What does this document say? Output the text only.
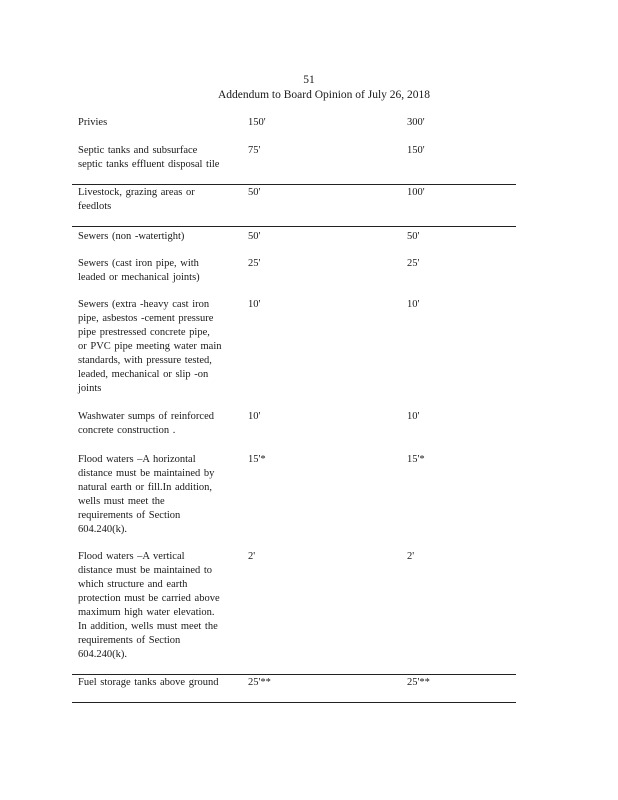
51
Addendum to Board Opinion of July 26, 2018
Privies	150'	300'
Septic tanks and subsurface
septic tanks effluent disposal tile
75'	150'
Livestock, grazing areas or
feedlots
50'	100'
Sewers (non -watertight)	50'	50'
Sewers (cast iron pipe, with
leaded or mechanical joints)
25'	25'
Sewers (extra -heavy cast iron
pipe, asbestos -cement pressure
pipe prestressed concrete pipe,
or PVC pipe meeting water main
standards, with pressure tested,
leaded, mechanical or slip -on
joints
10'	10'
Washwater sumps of reinforced
concrete construction .
10'	10'
Flood waters –A horizontal
distance must be maintained by
natural earth or fill.In addition,
wells must meet the
requirements of Section
604.240(k).
15'*	15'*
Flood waters –A vertical
distance must be maintained to
which structure and earth
protection must be carried above
maximum high water elevation.
In addition, wells must meet the
requirements of Section
604.240(k).
2'	2'
Fuel storage tanks above ground	25'**	25'**
